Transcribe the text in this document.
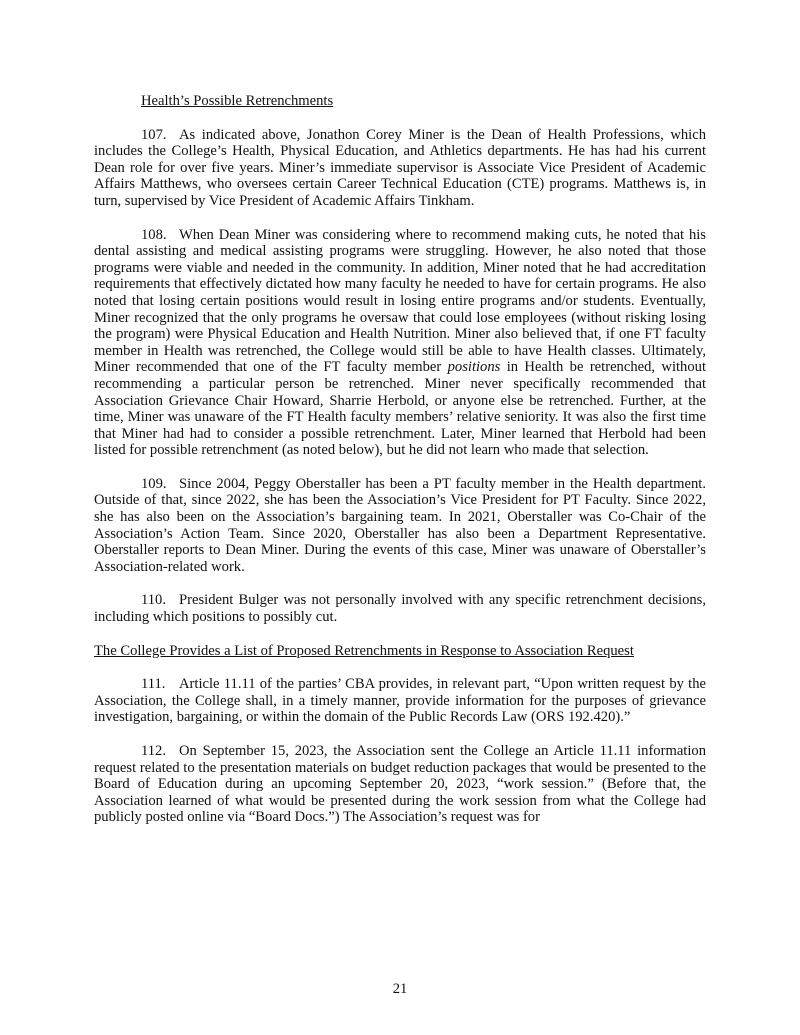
Health’s Possible Retrenchments

107. As indicated above, Jonathon Corey Miner is the Dean of Health Professions, which includes the College’s Health, Physical Education, and Athletics departments. He has had his current Dean role for over five years. Miner’s immediate supervisor is Associate Vice President of Academic Affairs Matthews, who oversees certain Career Technical Education (CTE) programs. Matthews is, in turn, supervised by Vice President of Academic Affairs Tinkham.

108. When Dean Miner was considering where to recommend making cuts, he noted that his dental assisting and medical assisting programs were struggling. However, he also noted that those programs were viable and needed in the community. In addition, Miner noted that he had accreditation requirements that effectively dictated how many faculty he needed to have for certain programs. He also noted that losing certain positions would result in losing entire programs and/or students. Eventually, Miner recognized that the only programs he oversaw that could lose employees (without risking losing the program) were Physical Education and Health Nutrition. Miner also believed that, if one FT faculty member in Health was retrenched, the College would still be able to have Health classes. Ultimately, Miner recommended that one of the FT faculty member positions in Health be retrenched, without recommending a particular person be retrenched. Miner never specifically recommended that Association Grievance Chair Howard, Sharrie Herbold, or anyone else be retrenched. Further, at the time, Miner was unaware of the FT Health faculty members’ relative seniority. It was also the first time that Miner had had to consider a possible retrenchment. Later, Miner learned that Herbold had been listed for possible retrenchment (as noted below), but he did not learn who made that selection.

109. Since 2004, Peggy Oberstaller has been a PT faculty member in the Health department. Outside of that, since 2022, she has been the Association’s Vice President for PT Faculty. Since 2022, she has also been on the Association’s bargaining team. In 2021, Oberstaller was Co-Chair of the Association’s Action Team. Since 2020, Oberstaller has also been a Department Representative. Oberstaller reports to Dean Miner. During the events of this case, Miner was unaware of Oberstaller’s Association-related work.

110. President Bulger was not personally involved with any specific retrenchment decisions, including which positions to possibly cut.

The College Provides a List of Proposed Retrenchments in Response to Association Request

111. Article 11.11 of the parties’ CBA provides, in relevant part, “Upon written request by the Association, the College shall, in a timely manner, provide information for the purposes of grievance investigation, bargaining, or within the domain of the Public Records Law (ORS 192.420).”

112. On September 15, 2023, the Association sent the College an Article 11.11 information request related to the presentation materials on budget reduction packages that would be presented to the Board of Education during an upcoming September 20, 2023, “work session.” (Before that, the Association learned of what would be presented during the work session from what the College had publicly posted online via “Board Docs.”) The Association’s request was for

21
